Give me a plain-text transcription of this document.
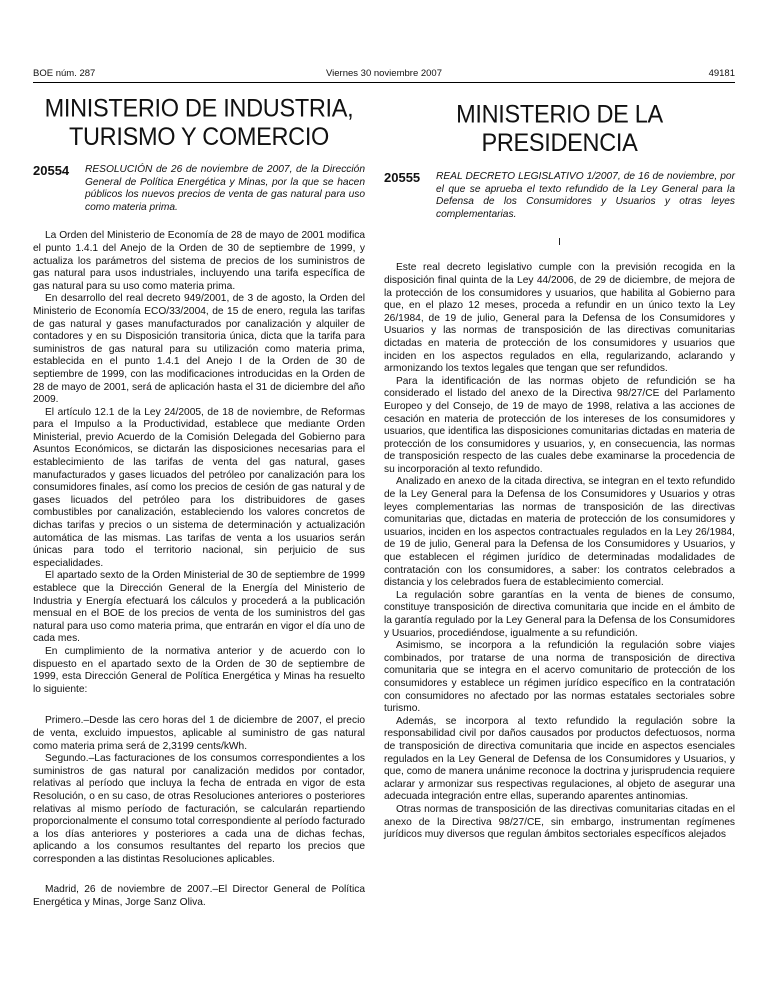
BOE núm. 287	Viernes 30 noviembre 2007	49181
MINISTERIO DE INDUSTRIA, TURISMO Y COMERCIO
20554	RESOLUCIÓN de 26 de noviembre de 2007, de la Dirección General de Política Energética y Minas, por la que se hacen públicos los nuevos precios de venta de gas natural para uso como materia prima.

La Orden del Ministerio de Economía de 28 de mayo de 2001 modifica el punto 1.4.1 del Anejo de la Orden de 30 de septiembre de 1999, y actualiza los parámetros del sistema de precios de los suministros de gas natural para usos industriales, incluyendo una tarifa específica de gas natural para su uso como materia prima.

En desarrollo del real decreto 949/2001, de 3 de agosto, la Orden del Ministerio de Economía ECO/33/2004, de 15 de enero, regula las tarifas de gas natural y gases manufacturados por canalización y alquiler de contadores y en su Disposición transitoria única, dicta que la tarifa para suministros de gas natural para su utilización como materia prima, establecida en el punto 1.4.1 del Anejo I de la Orden de 30 de septiembre de 1999, con las modificaciones introducidas en la Orden de 28 de mayo de 2001, será de aplicación hasta el 31 de diciembre del año 2009.

El artículo 12.1 de la Ley 24/2005, de 18 de noviembre, de Reformas para el Impulso a la Productividad, establece que mediante Orden Ministerial, previo Acuerdo de la Comisión Delegada del Gobierno para Asuntos Económicos, se dictarán las disposiciones necesarias para el establecimiento de las tarifas de venta del gas natural, gases manufacturados y gases licuados del petróleo por canalización para los consumidores finales, así como los precios de cesión de gas natural y de gases licuados del petróleo para los distribuidores de gases combustibles por canalización, estableciendo los valores concretos de dichas tarifas y precios o un sistema de determinación y actualización automática de las mismas. Las tarifas de venta a los usuarios serán únicas para todo el territorio nacional, sin perjuicio de sus especialidades.

El apartado sexto de la Orden Ministerial de 30 de septiembre de 1999 establece que la Dirección General de la Energía del Ministerio de Industria y Energía efectuará los cálculos y procederá a la publicación mensual en el BOE de los precios de venta de los suministros del gas natural para uso como materia prima, que entrarán en vigor el día uno de cada mes.

En cumplimiento de la normativa anterior y de acuerdo con lo dispuesto en el apartado sexto de la Orden de 30 de septiembre de 1999, esta Dirección General de Política Energética y Minas ha resuelto lo siguiente:

Primero.–Desde las cero horas del 1 de diciembre de 2007, el precio de venta, excluido impuestos, aplicable al suministro de gas natural como materia prima será de 2,3199 cents/kWh.

Segundo.–Las facturaciones de los consumos correspondientes a los suministros de gas natural por canalización medidos por contador, relativas al período que incluya la fecha de entrada en vigor de esta Resolución, o en su caso, de otras Resoluciones anteriores o posteriores relativas al mismo período de facturación, se calcularán repartiendo proporcionalmente el consumo total correspondiente al período facturado a los días anteriores y posteriores a cada una de dichas fechas, aplicando a los consumos resultantes del reparto los precios que corresponden a las distintas Resoluciones aplicables.

Madrid, 26 de noviembre de 2007.–El Director General de Política Energética y Minas, Jorge Sanz Oliva.

MINISTERIO DE LA PRESIDENCIA
20555	REAL DECRETO LEGISLATIVO 1/2007, de 16 de noviembre, por el que se aprueba el texto refundido de la Ley General para la Defensa de los Consumidores y Usuarios y otras leyes complementarias.
I

Este real decreto legislativo cumple con la previsión recogida en la disposición final quinta de la Ley 44/2006, de 29 de diciembre, de mejora de la protección de los consumidores y usuarios, que habilita al Gobierno para que, en el plazo 12 meses, proceda a refundir en un único texto la Ley 26/1984, de 19 de julio, General para la Defensa de los Consumidores y Usuarios y las normas de transposición de las directivas comunitarias dictadas en materia de protección de los consumidores y usuarios que inciden en los aspectos regulados en ella, regularizando, aclarando y armonizando los textos legales que tengan que ser refundidos.

Para la identificación de las normas objeto de refundición se ha considerado el listado del anexo de la Directiva 98/27/CE del Parlamento Europeo y del Consejo, de 19 de mayo de 1998, relativa a las acciones de cesación en materia de protección de los intereses de los consumidores y usuarios, que identifica las disposiciones comunitarias dictadas en materia de protección de los consumidores y usuarios, y, en consecuencia, las normas de transposición respecto de las cuales debe examinarse la procedencia de su incorporación al texto refundido.

Analizado en anexo de la citada directiva, se integran en el texto refundido de la Ley General para la Defensa de los Consumidores y Usuarios y otras leyes complementarias las normas de transposición de las directivas comunitarias que, dictadas en materia de protección de los consumidores y usuarios, inciden en los aspectos contractuales regulados en la Ley 26/1984, de 19 de julio, General para la Defensa de los Consumidores y Usuarios, y que establecen el régimen jurídico de determinadas modalidades de contratación con los consumidores, a saber: los contratos celebrados a distancia y los celebrados fuera de establecimiento comercial.

La regulación sobre garantías en la venta de bienes de consumo, constituye transposición de directiva comunitaria que incide en el ámbito de la garantía regulado por la Ley General para la Defensa de los Consumidores y Usuarios, procediéndose, igualmente a su refundición.

Asimismo, se incorpora a la refundición la regulación sobre viajes combinados, por tratarse de una norma de transposición de directiva comunitaria que se integra en el acervo comunitario de protección de los consumidores y establece un régimen jurídico específico en la contratación con consumidores no afectado por las normas estatales sectoriales sobre turismo.

Además, se incorpora al texto refundido la regulación sobre la responsabilidad civil por daños causados por productos defectuosos, norma de transposición de directiva comunitaria que incide en aspectos esenciales regulados en la Ley General de Defensa de los Consumidores y Usuarios, y que, como de manera unánime reconoce la doctrina y jurisprudencia requiere aclarar y armonizar sus respectivas regulaciones, al objeto de asegurar una adecuada integración entre ellas, superando aparentes antinomias.

Otras normas de transposición de las directivas comunitarias citadas en el anexo de la Directiva 98/27/CE, sin embargo, instrumentan regímenes jurídicos muy diversos que regulan ámbitos sectoriales específicos alejados
